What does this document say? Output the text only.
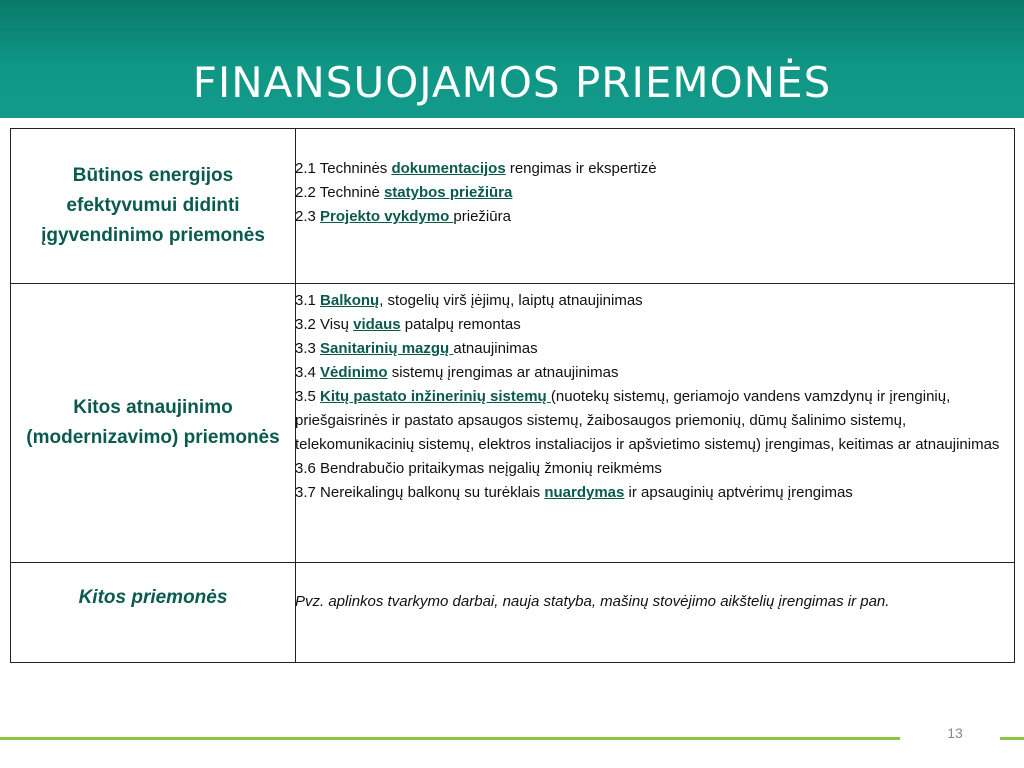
FINANSUOJAMOS PRIEMONĖS
Būtinos energijos efektyvumui didinti įgyvendinimo priemonės
Kitos atnaujinimo (modernizavimo) priemonės
Kitos priemonės
2.1 Techninės dokumentacijos rengimas ir ekspertizė
2.2 Techninė statybos priežiūra
2.3 Projekto vykdymo priežiūra
3.1 Balkonų, stogelių virš įėjimų, laiptų atnaujinimas
3.2 Visų vidaus patalpų remontas
3.3 Sanitarinių mazgų atnaujinimas
3.4 Vėdinimo sistemų įrengimas ar atnaujinimas
3.5 Kitų pastato inžinerinių sistemų (nuotekų sistemų, geriamojo vandens vamzdynų ir įrenginių, priešgaisrinės ir pastato apsaugos sistemų, žaibosaugos priemonių, dūmų šalinimo sistemų, telekomunikacinių sistemų, elektros instaliacijos ir apšvietimo sistemų) įrengimas, keitimas ar atnaujinimas
3.6 Bendrabučio pritaikymas neįgalių žmonių reikmėms
3.7 Nereikalingų balkonų su turėklais nuardymas ir apsauginių aptvėrimų įrengimas
Pvz. aplinkos tvarkymo darbai, nauja statyba, mašinų stovėjimo aikštelių įrengimas ir pan.
13
